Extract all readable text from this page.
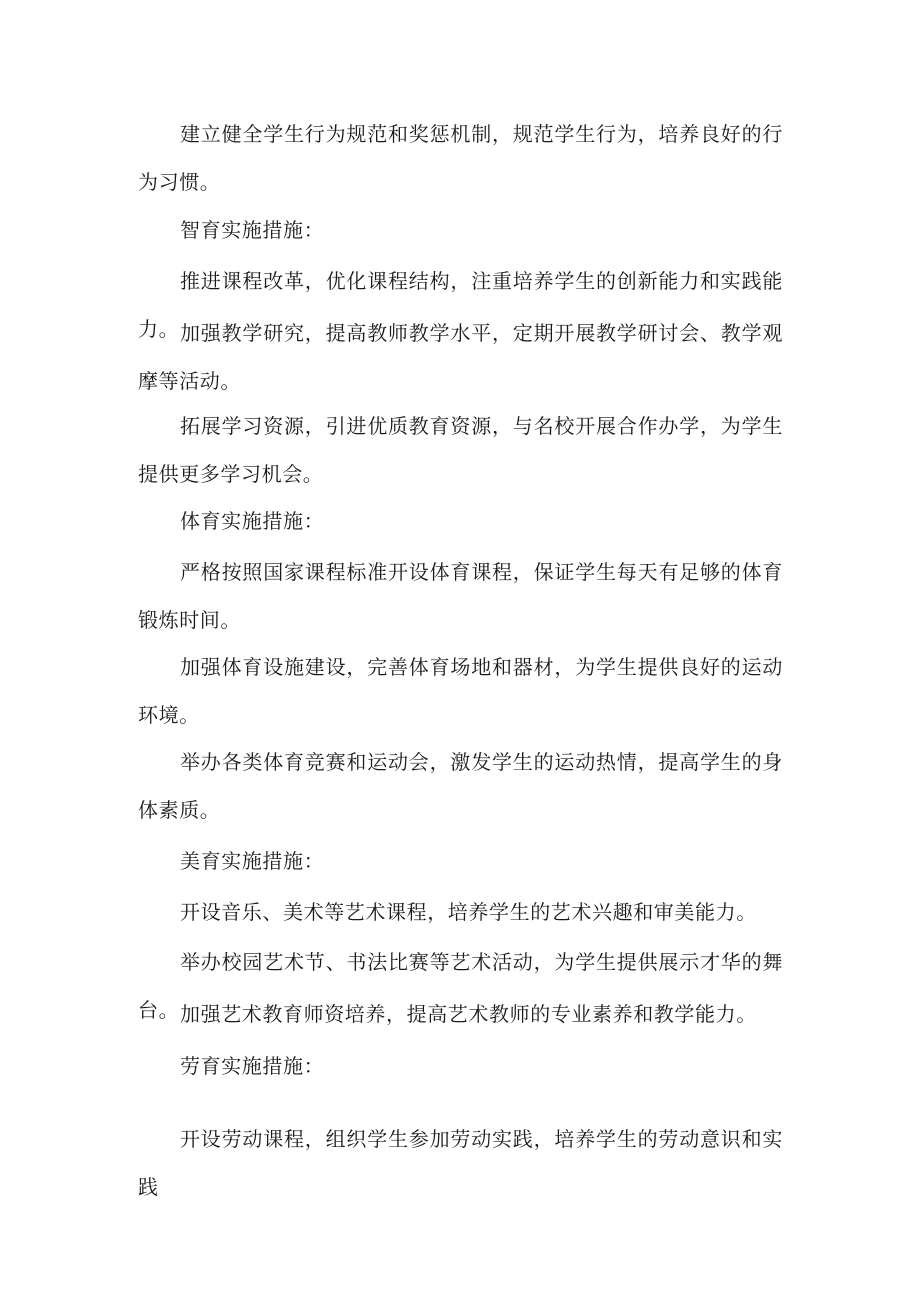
建立健全学生行为规范和奖惩机制，规范学生行为，培养良好的行为习惯。

智育实施措施：

推进课程改革，优化课程结构，注重培养学生的创新能力和实践能力。 加强教学研究，提高教师教学水平，定期开展教学研讨会、教学观摩等活动。

拓展学习资源，引进优质教育资源，与名校开展合作办学，为学生提供更多学习机会。

体育实施措施：

严格按照国家课程标准开设体育课程，保证学生每天有足够的体育锻炼时间。

加强体育设施建设，完善体育场地和器材，为学生提供良好的运动环境。

举办各类体育竞赛和运动会，激发学生的运动热情，提高学生的身体素质。

美育实施措施：

开设音乐、美术等艺术课程，培养学生的艺术兴趣和审美能力。

举办校园艺术节、书法比赛等艺术活动，为学生提供展示才华的舞台。 加强艺术教育师资培养，提高艺术教师的专业素养和教学能力。

劳育实施措施：

开设劳动课程，组织学生参加劳动实践，培养学生的劳动意识和实践
